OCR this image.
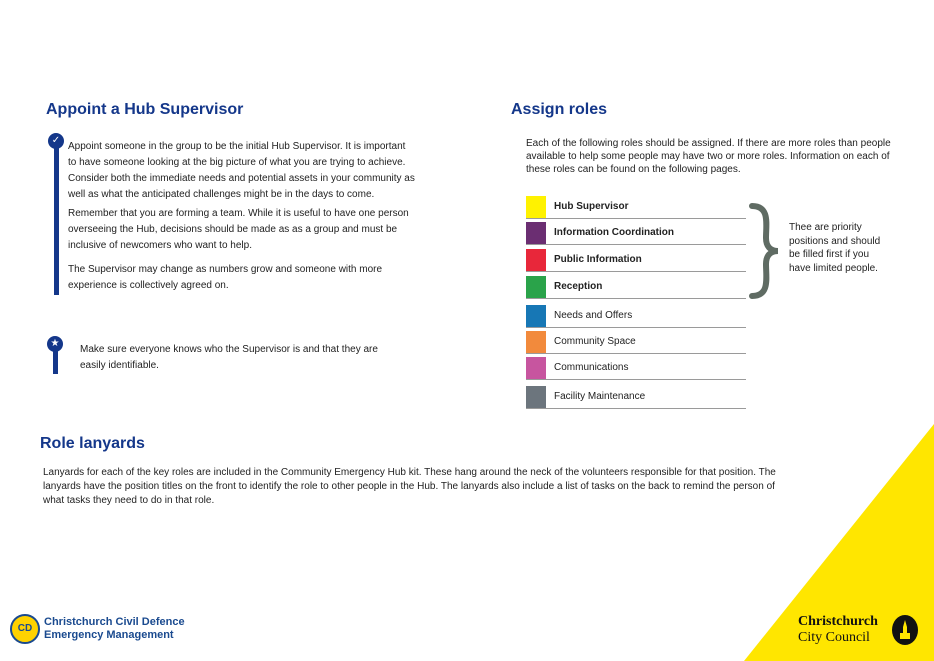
Appoint a Hub Supervisor
✓

Appoint someone in the group to be the initial Hub Supervisor. It is important

to have someone looking at the big picture of what you are trying to achieve.

Consider both the immediate needs and potential assets in your community as

well as what the anticipated challenges might be in the days to come.

Remember that you are forming a team. While it is useful to have one person

overseeing the Hub, decisions should be made as as a group and must be

inclusive of newcomers who want to help.

The Supervisor may change as numbers grow and someone with more

experience is collectively agreed on.

★

Make sure everyone knows who the Supervisor is and that they are

easily identifiable.

Assign roles

Each of the following roles should be assigned. If there are more roles than people

available to help some people may have two or more roles. Information on each of

these roles can be found on the following pages.

Hub Supervisor
Information Coordination
Public Information
Reception
Needs and Offers
Community Space
Communications
Facility Maintenance

Thee are priority

positions and should

be filled first if you

have limited people.

Role lanyards

Lanyards for each of the key roles are included in the Community Emergency Hub kit. These hang around the neck of the volunteers responsible for that position. The

lanyards have the position titles on the front to identify the role to other people in the Hub. The lanyards also include a list of tasks on the back to remind the person of

what tasks they need to do in that role.

CD
Christchurch Civil Defence
Emergency Management
Christchurch
City Council
